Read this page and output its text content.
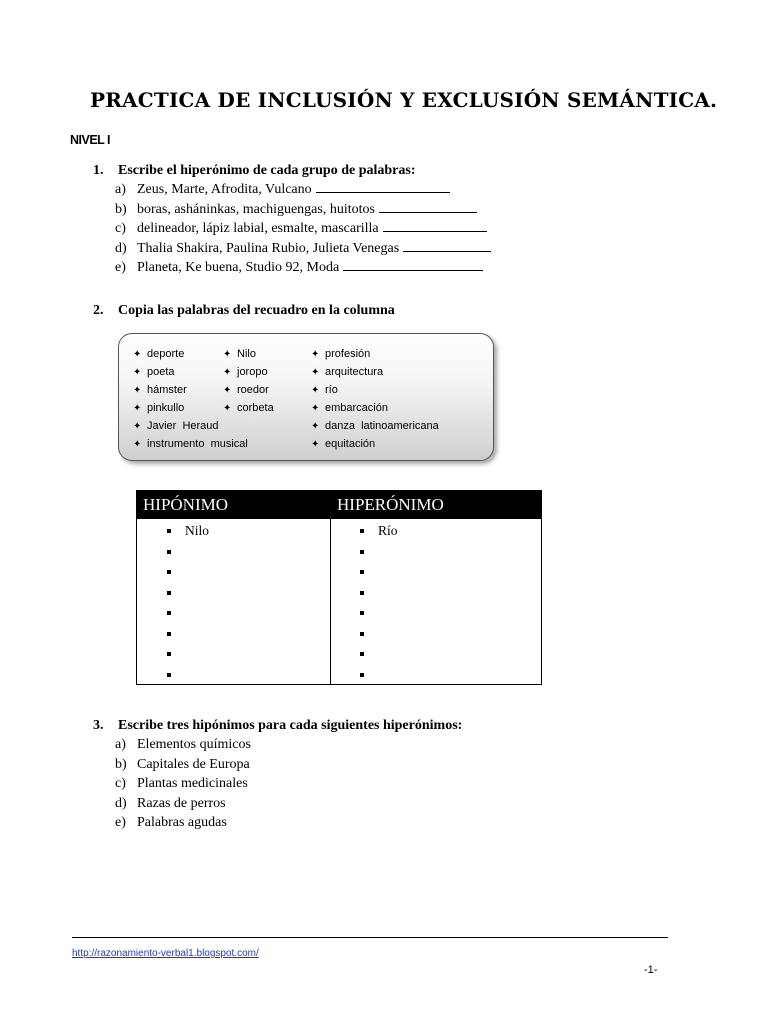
PRACTICA DE INCLUSIÓN Y EXCLUSIÓN SEMÁNTICA.
NIVEL I
1. Escribe el hiperónimo de cada grupo de palabras:
a) Zeus, Marte, Afrodita, Vulcano
b) boras, asháninkas, machiguengas, huitotos
c) delineador, lápiz labial, esmalte, mascarilla
d) Thalia Shakira, Paulina Rubio, Julieta Venegas
e) Planeta, Ke buena, Studio 92, Moda
2. Copia las palabras del recuadro en la columna
✦ deporte
✦ poeta
✦ hámster
✦ pinkullo
✦ Javier  Heraud
✦ instrumento  musical
✦ Nilo
✦ joropo
✦ roedor
✦ corbeta
✦ profesión
✦ arquitectura
✦ río
✦ embarcación
✦ danza  latinoamericana
✦ equitación
HIPÓNIMO	HIPERÓNIMO
Nilo	Río
3. Escribe tres hipónimos para cada siguientes hiperónimos:
a) Elementos químicos
b) Capitales de Europa
c) Plantas medicinales
d) Razas de perros
e) Palabras agudas
http://razonamiento-verbal1.blogspot.com/
-1-
